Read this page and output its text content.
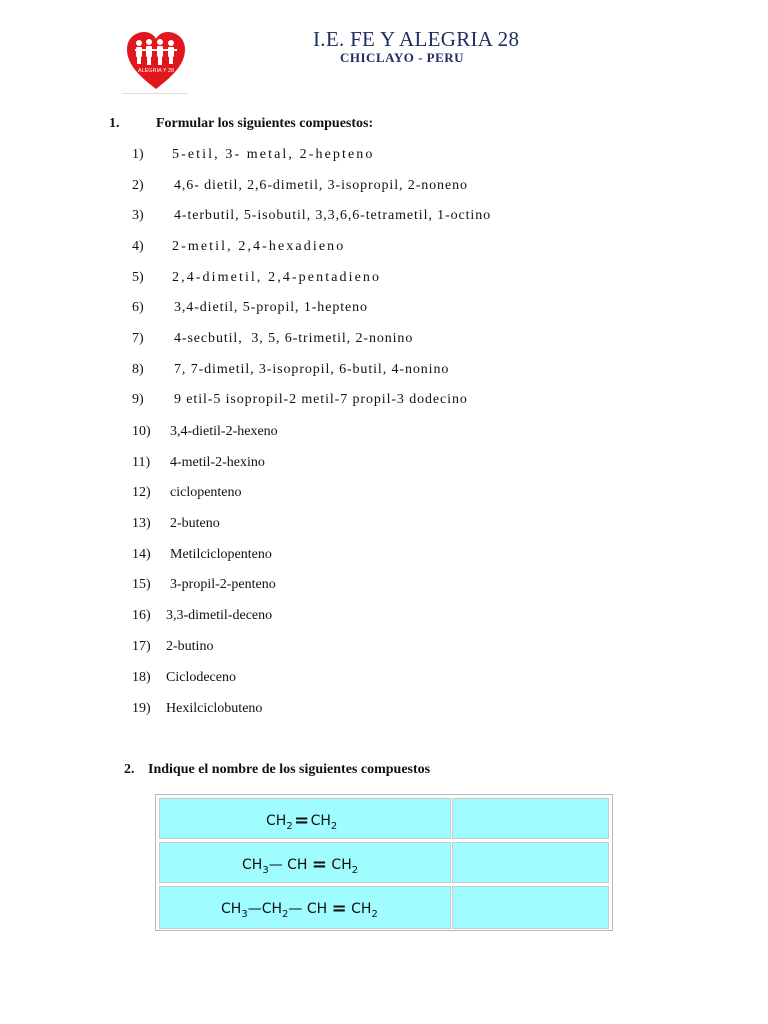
ALEGRIA Y 28
I.E. FE Y ALEGRIA 28
CHICLAYO - PERU
1.	Formular los siguientes compuestos:
1) 5-etil, 3- metal, 2-hepteno
2) 4,6- dietil, 2,6-dimetil, 3-isopropil, 2-noneno
3) 4-terbutil, 5-isobutil, 3,3,6,6-tetrametil, 1-octino
4) 2-metil, 2,4-hexadieno
5) 2,4-dimetil, 2,4-pentadieno
6) 3,4-dietil, 5-propil, 1-hepteno
7) 4-secbutil,  3, 5, 6-trimetil, 2-nonino
8) 7, 7-dimetil, 3-isopropil, 6-butil, 4-nonino
9) 9 etil-5 isopropil-2 metil-7 propil-3 dodecino
10) 3,4-dietil-2-hexeno
11) 4-metil-2-hexino
12) ciclopenteno
13) 2-buteno
14) Metilciclopenteno
15) 3-propil-2-penteno
16) 3,3-dimetil-deceno
17) 2-butino
18) Ciclodeceno
19) Hexilciclobuteno
2. Indique el nombre de los siguientes compuestos
$CH_2$ = $CH_2$
$CH_3—$ CH = $CH_2$
$CH_3—CH_2—$ CH = $CH_2$
